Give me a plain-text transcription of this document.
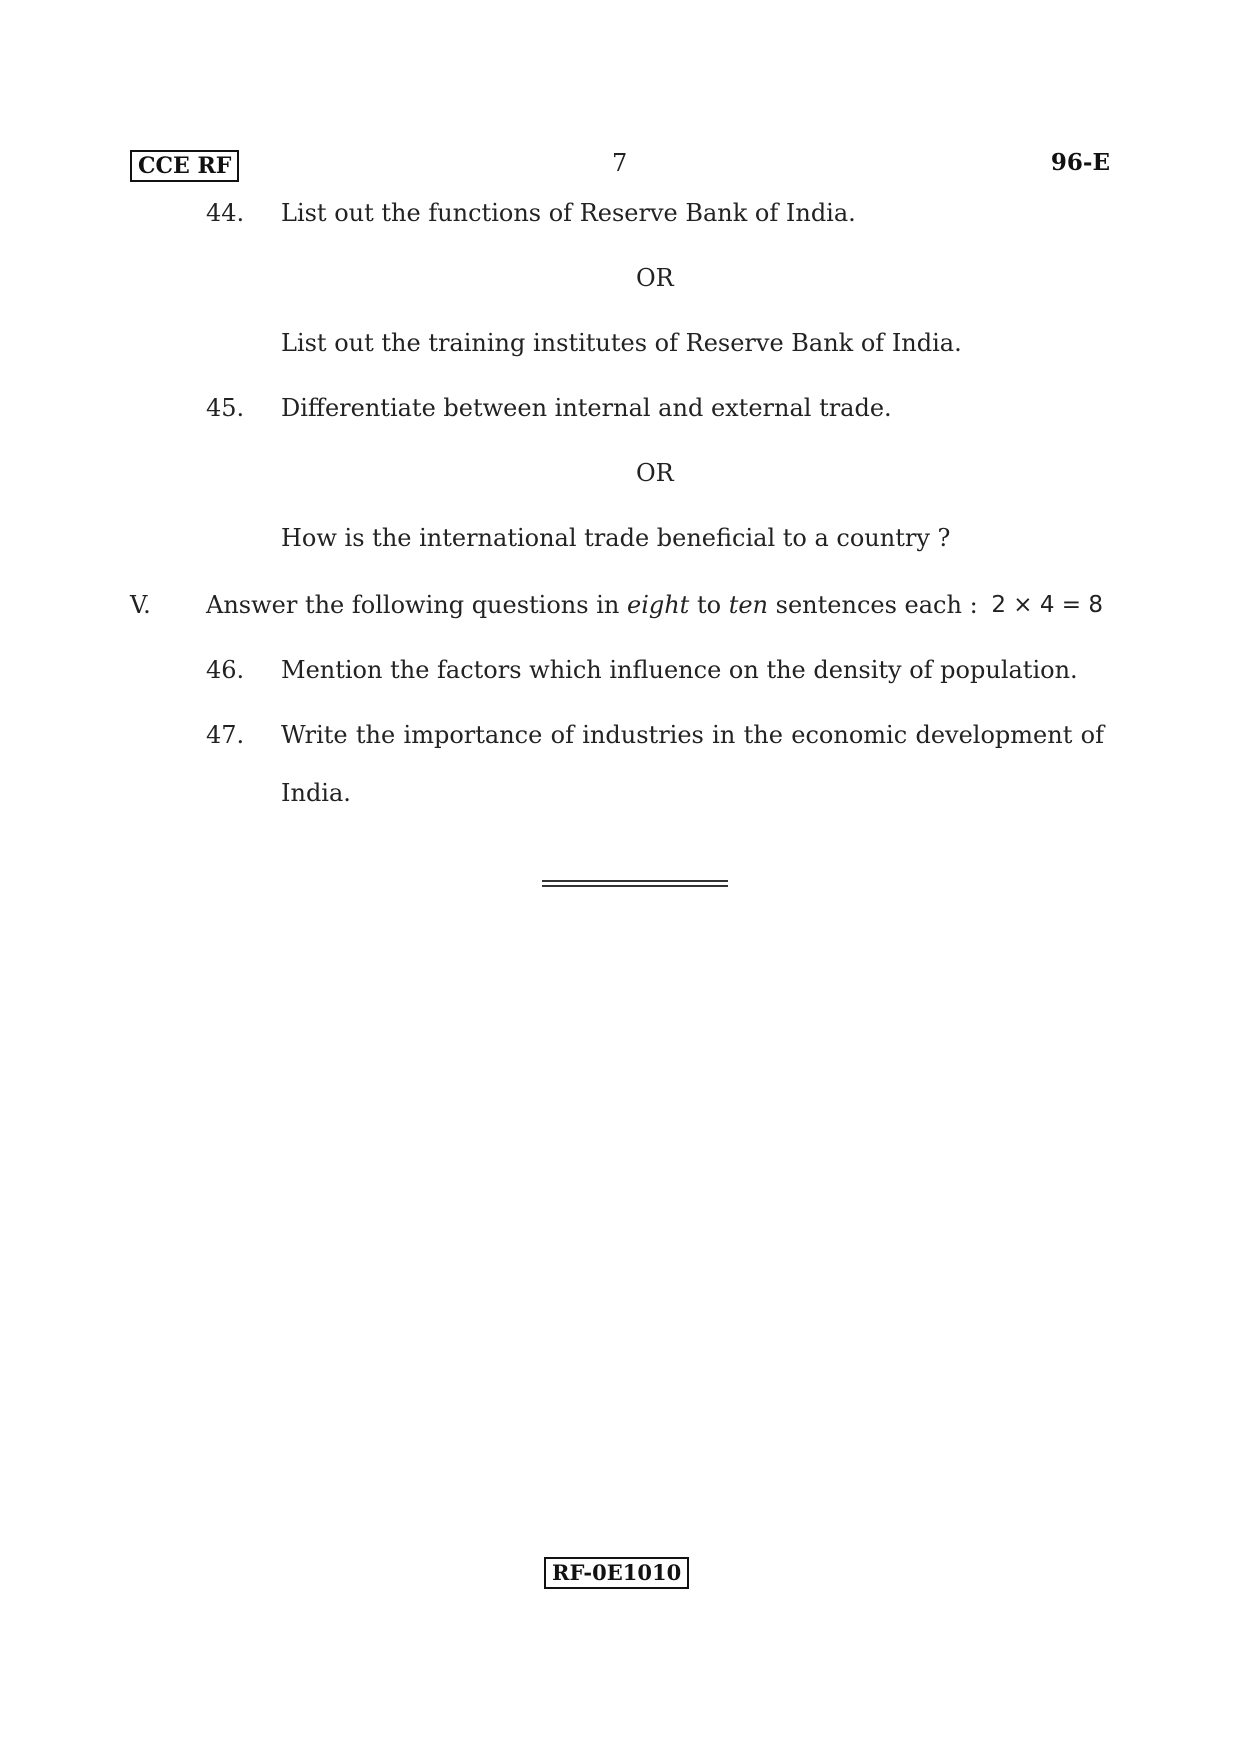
CCE RF	7	96-E
44. List out the functions of Reserve Bank of India.
OR
List out the training institutes of Reserve Bank of India.
45. Differentiate between internal and external trade.
OR
How is the international trade beneficial to a country ?
V. Answer the following questions in eight to ten sentences each : 2 × 4 = 8
46. Mention the factors which influence on the density of population.
47. Write the importance of industries in the economic development of India.
RF-0E1010
